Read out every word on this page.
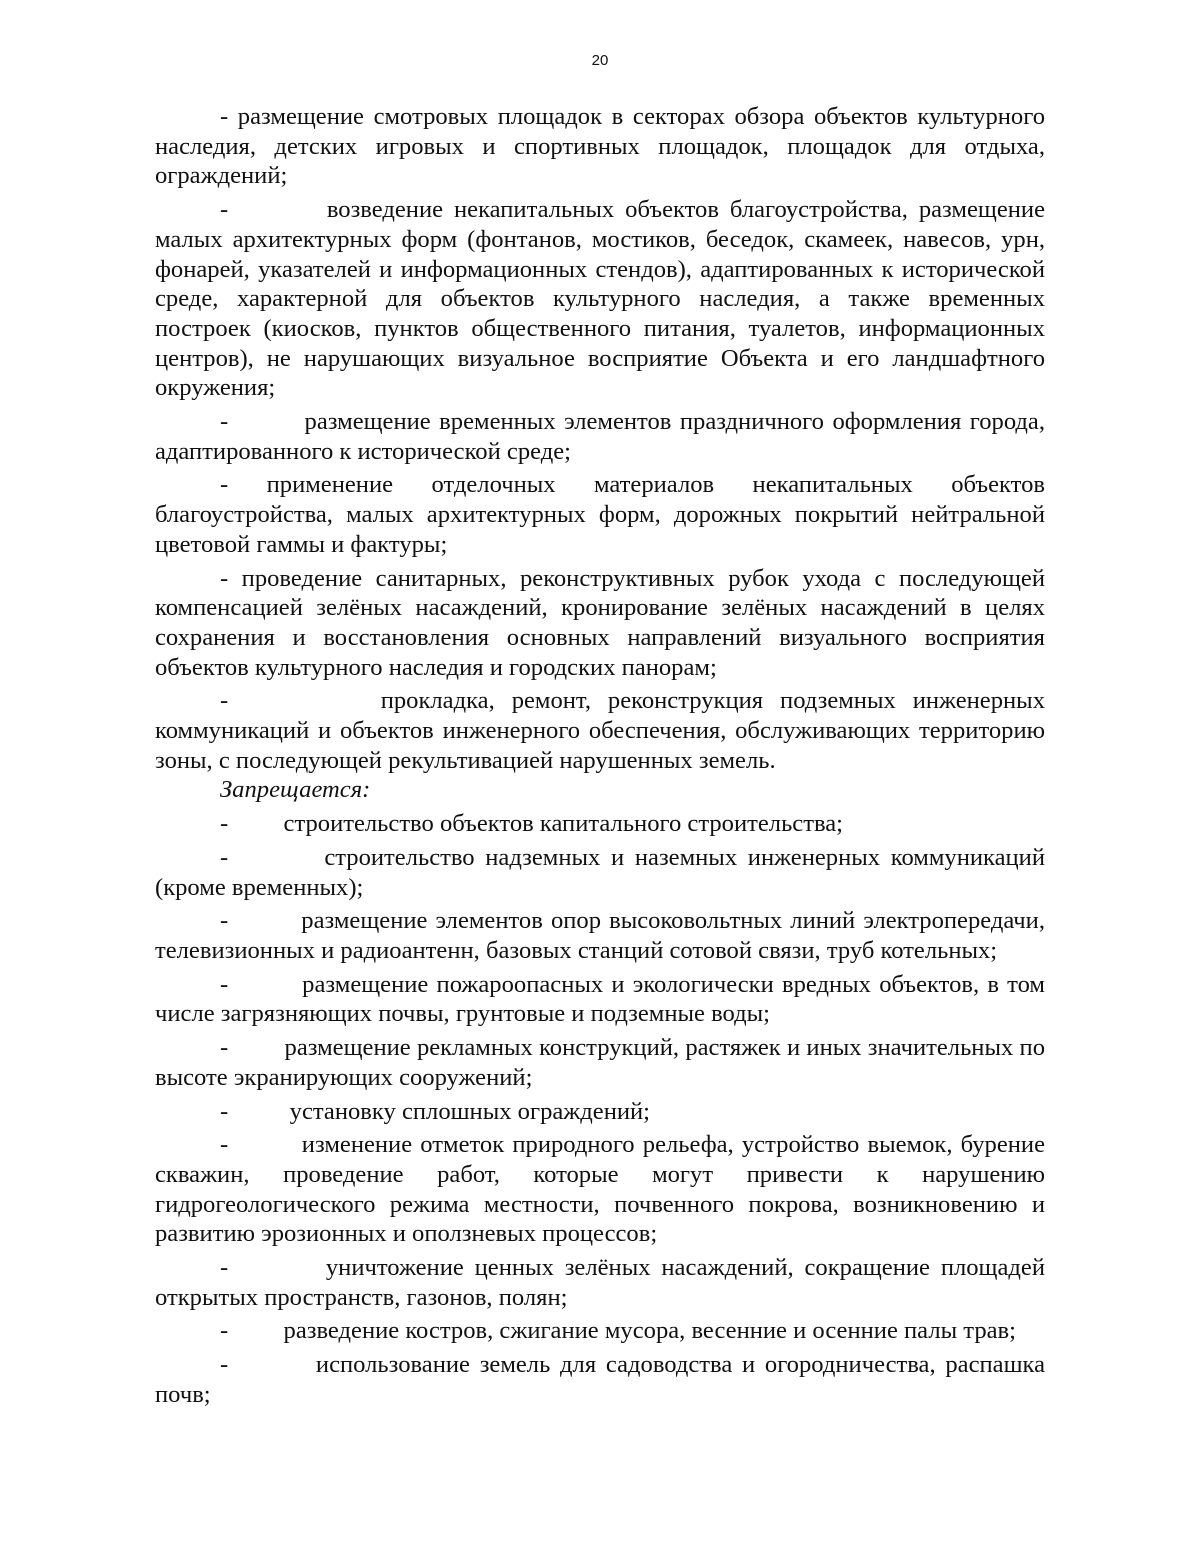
20

- размещение смотровых площадок в секторах обзора объектов культурного наследия, детских игровых и спортивных площадок, площадок для отдыха, ограждений;

-         возведение некапитальных объектов благоустройства, размещение малых архитектурных форм (фонтанов, мостиков, беседок, скамеек, навесов, урн, фонарей, указателей и информационных стендов), адаптированных к исторической среде, характерной для объектов культурного наследия, а также временных построек (киосков, пунктов общественного питания, туалетов, информационных центров), не нарушающих визуальное восприятие Объекта и его ландшафтного окружения;

-         размещение временных элементов праздничного оформления города, адаптированного к исторической среде;

- применение отделочных материалов некапитальных объектов благоустройства, малых архитектурных форм, дорожных покрытий нейтральной цветовой гаммы и фактуры;

- проведение санитарных, реконструктивных рубок ухода с последующей компенсацией зелёных насаждений, кронирование зелёных насаждений в целях сохранения и восстановления основных направлений визуального восприятия объектов культурного наследия и городских панорам;

-         прокладка, ремонт, реконструкция подземных инженерных коммуникаций и объектов инженерного обеспечения, обслуживающих территорию зоны, с последующей рекультивацией нарушенных земель.

Запрещается:

-         строительство объектов капитального строительства;

-         строительство надземных и наземных инженерных коммуникаций (кроме временных);

-         размещение элементов опор высоковольтных линий электропередачи, телевизионных и радиоантенн, базовых станций сотовой связи, труб котельных;

-         размещение пожароопасных и экологически вредных объектов, в том числе загрязняющих почвы, грунтовые и подземные воды;

-         размещение рекламных конструкций, растяжек и иных значительных по высоте экранирующих сооружений;

-          установку сплошных ограждений;

-         изменение отметок природного рельефа, устройство выемок, бурение скважин, проведение работ, которые могут привести к нарушению гидрогеологического режима местности, почвенного покрова, возникновению и развитию эрозионных и оползневых процессов;

-         уничтожение ценных зелёных насаждений, сокращение площадей открытых пространств, газонов, полян;

-         разведение костров, сжигание мусора, весенние и осенние палы трав;

-         использование земель для садоводства и огородничества, распашка почв;
